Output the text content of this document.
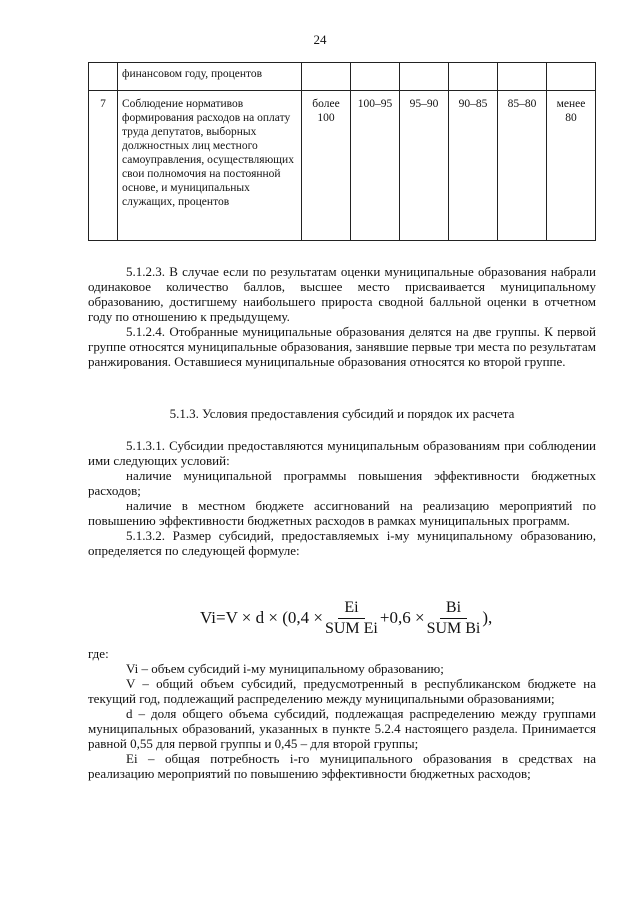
24
	финансовом году, процентов						
7	Соблюдение нормативов формирования расходов на оплату труда депутатов, выборных должностных лиц местного самоуправления, осуществляющих свои полномочия на постоянной основе, и муниципальных служащих, процентов	более 100	100–95	95–90	90–85	85–80	менее 80

5.1.2.3. В случае если по результатам оценки муниципальные образования набрали одинаковое количество баллов, высшее место присваивается муниципальному образованию, достигшему наибольшего прироста сводной балльной оценки в отчетном году по отношению к предыдущему.

5.1.2.4. Отобранные муниципальные образования делятся на две группы. К первой группе относятся муниципальные образования, занявшие первые три места по результатам ранжирования. Оставшиеся муниципальные образования относятся ко второй группе.

5.1.3. Условия предоставления субсидий и порядок их расчета

5.1.3.1. Субсидии предоставляются муниципальным образованиям при соблюдении ими следующих условий:

наличие муниципальной программы повышения эффективности бюджетных расходов;

наличие в местном бюджете ассигнований на реализацию мероприятий по повышению эффективности бюджетных расходов в рамках муниципальных программ.

5.1.3.2. Размер субсидий, предоставляемых i-му муниципальному образованию, определяется по следующей формуле:

$Vi=V \times d \times (0,4 \times \frac{Ei}{\text{SUM Ei}} +0,6 \times \frac{Bi}{\text{SUM Bi}}$ ),

где:

Vi – объем субсидий i-му муниципальному образованию;

V – общий объем субсидий, предусмотренный в республиканском бюджете на текущий год, подлежащий распределению между муниципальными образованиями;

d – доля общего объема субсидий, подлежащая распределению между группами муниципальных образований, указанных в пункте 5.2.4 настоящего раздела. Принимается равной 0,55 для первой группы и 0,45 – для второй группы;

Ei – общая потребность i-го муниципального образования в средствах на реализацию мероприятий по повышению эффективности бюджетных расходов;
